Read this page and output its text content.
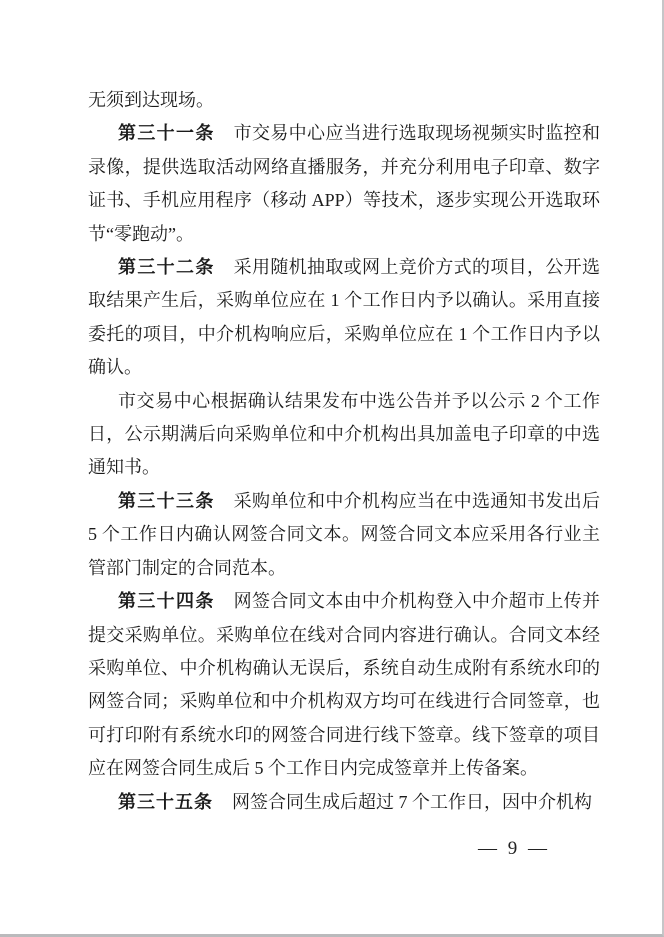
无须到达现场。

第三十一条 市交易中心应当进行选取现场视频实时监控和录像，提供选取活动网络直播服务，并充分利用电子印章、数字证书、手机应用程序（移动 APP）等技术，逐步实现公开选取环节“零跑动”。

第三十二条 采用随机抽取或网上竞价方式的项目，公开选取结果产生后，采购单位应在 1 个工作日内予以确认。采用直接委托的项目，中介机构响应后，采购单位应在 1 个工作日内予以确认。

市交易中心根据确认结果发布中选公告并予以公示 2 个工作日，公示期满后向采购单位和中介机构出具加盖电子印章的中选通知书。

第三十三条 采购单位和中介机构应当在中选通知书发出后 5 个工作日内确认网签合同文本。网签合同文本应采用各行业主管部门制定的合同范本。

第三十四条 网签合同文本由中介机构登入中介超市上传并提交采购单位。采购单位在线对合同内容进行确认。合同文本经采购单位、中介机构确认无误后，系统自动生成附有系统水印的网签合同；采购单位和中介机构双方均可在线进行合同签章，也可打印附有系统水印的网签合同进行线下签章。线下签章的项目应在网签合同生成后 5 个工作日内完成签章并上传备案。

第三十五条 网签合同生成后超过 7 个工作日，因中介机构

— 9 —
